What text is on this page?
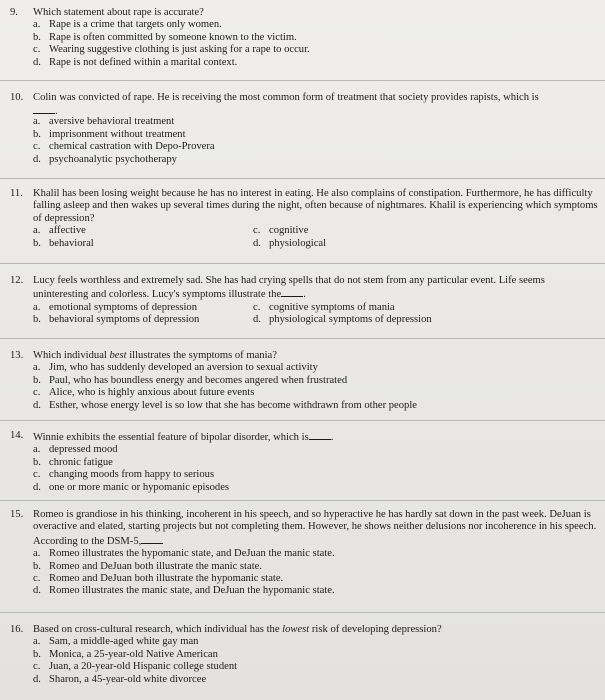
9.	Which statement about rape is accurate?
a. Rape is a crime that targets only women.
b. Rape is often committed by someone known to the victim.
c. Wearing suggestive clothing is just asking for a rape to occur.
d. Rape is not defined within a marital context.
10. Colin was convicted of rape. He is receiving the most common form of treatment that society provides rapists, which is
.
a. aversive behavioral treatment
b. imprisonment without treatment
c. chemical castration with Depo-Provera
d. psychoanalytic psychotherapy
11. Khalil has been losing weight because he has no interest in eating. He also complains of constipation. Furthermore, he has difficulty falling asleep and then wakes up several times during the night, often because of nightmares. Khalil is experiencing which symptoms of depression?
a. affective	c. cognitive
b. behavioral	d. physiological
12. Lucy feels worthless and extremely sad. She has had crying spells that do not stem from any particular event. Life seems uninteresting and colorless. Lucy's symptoms illustrate the .
a. emotional symptoms of depression	c. cognitive symptoms of mania
b. behavioral symptoms of depression	d. physiological symptoms of depression
13. Which individual best illustrates the symptoms of mania?
a. Jim, who has suddenly developed an aversion to sexual activity
b. Paul, who has boundless energy and becomes angered when frustrated
c. Alice, who is highly anxious about future events
d. Esther, whose energy level is so low that she has become withdrawn from other people
14. Winnie exhibits the essential feature of bipolar disorder, which is .
a. depressed mood
b. chronic fatigue
c. changing moods from happy to serious
d. one or more manic or hypomanic episodes
15. Romeo is grandiose in his thinking, incoherent in his speech, and so hyperactive he has hardly sat down in the past week. DeJuan is overactive and elated, starting projects but not completing them. However, he shows neither delusions nor incoherence in his speech. According to the DSM-5,
a. Romeo illustrates the hypomanic state, and DeJuan the manic state.
b. Romeo and DeJuan both illustrate the manic state.
c. Romeo and DeJuan both illustrate the hypomanic state.
d. Romeo illustrates the manic state, and DeJuan the hypomanic state.
16. Based on cross-cultural research, which individual has the lowest risk of developing depression?
a. Sam, a middle-aged white gay man
b. Monica, a 25-year-old Native American
c. Juan, a 20-year-old Hispanic college student
d. Sharon, a 45-year-old white divorcee
